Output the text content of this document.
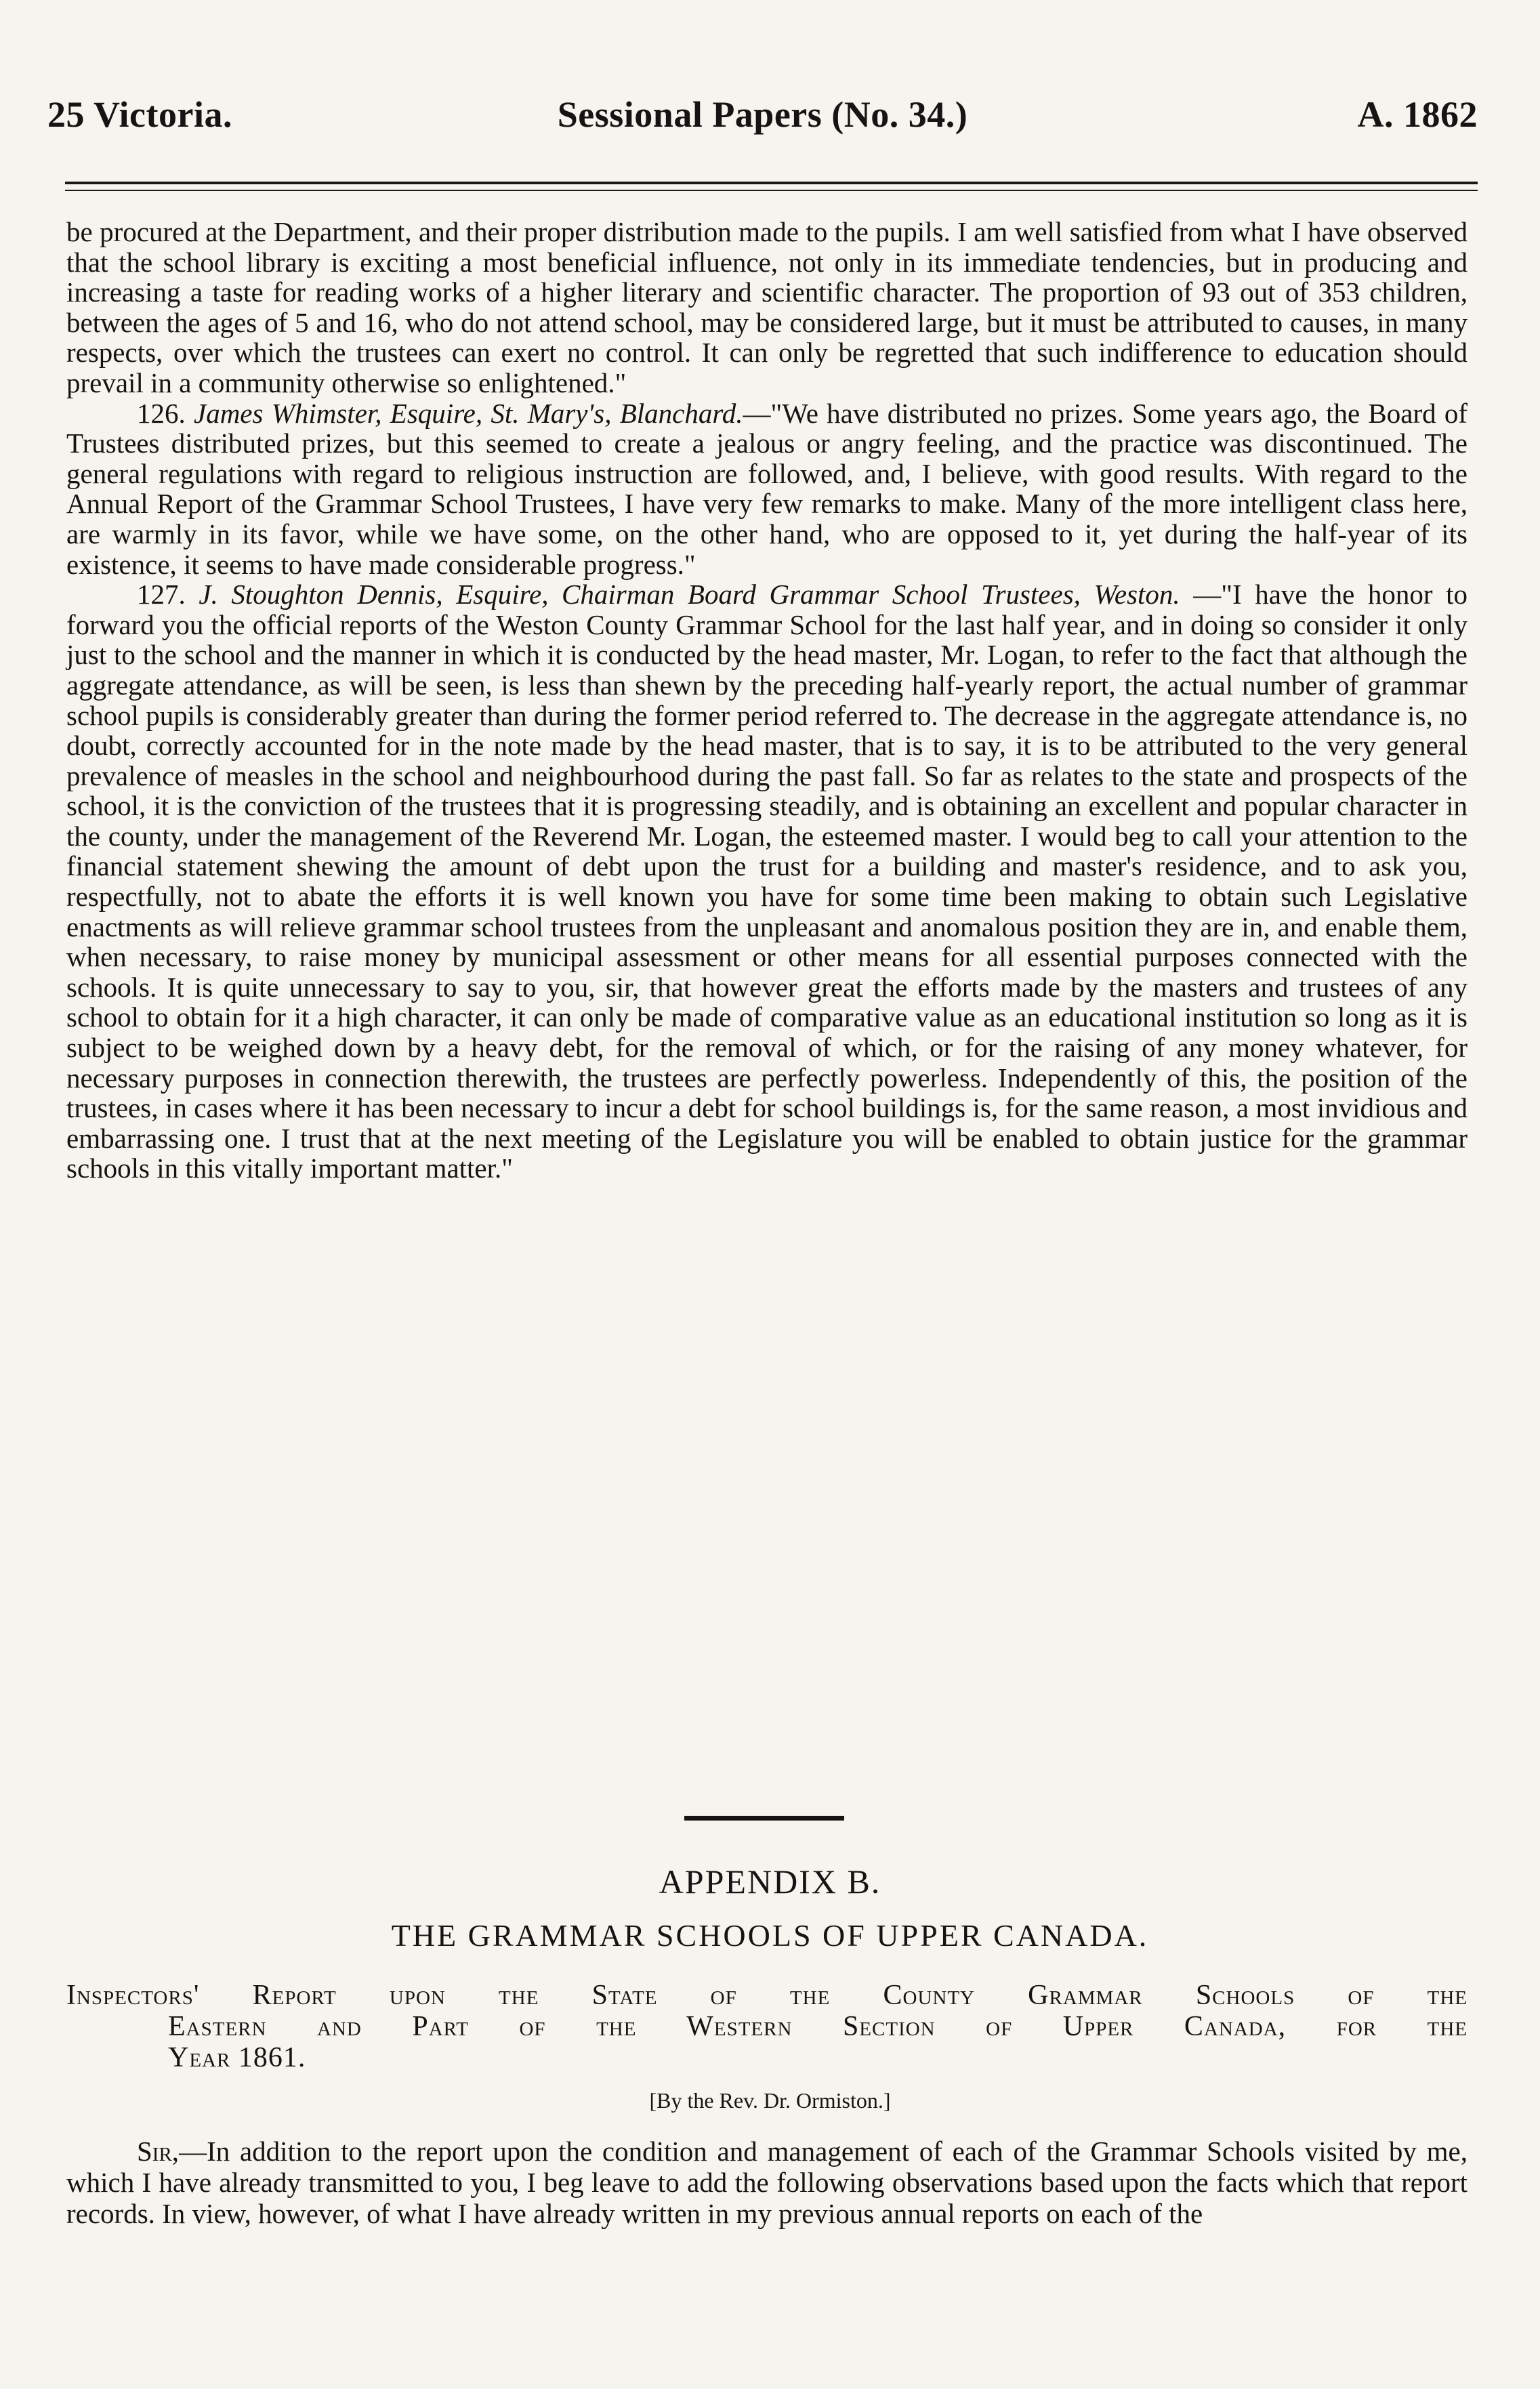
25 Victoria.	Sessional Papers (No. 34.)	A. 1862

be procured at the Department, and their proper distribution made to the pupils. I am well satisfied from what I have observed that the school library is exciting a most beneficial influence, not only in its immediate tendencies, but in producing and increasing a taste for reading works of a higher literary and scientific character. The proportion of 93 out of 353 children, between the ages of 5 and 16, who do not attend school, may be considered large, but it must be attributed to causes, in many respects, over which the trustees can exert no control. It can only be regretted that such indifference to education should prevail in a community otherwise so enlightened."

126. James Whimster, Esquire, St. Mary's, Blanchard.—"We have distributed no prizes. Some years ago, the Board of Trustees distributed prizes, but this seemed to create a jealous or angry feeling, and the practice was discontinued. The general regulations with regard to religious instruction are followed, and, I believe, with good results. With regard to the Annual Report of the Grammar School Trustees, I have very few remarks to make. Many of the more intelligent class here, are warmly in its favor, while we have some, on the other hand, who are opposed to it, yet during the half-year of its existence, it seems to have made considerable progress."

127. J. Stoughton Dennis, Esquire, Chairman Board Grammar School Trustees, Weston. —"I have the honor to forward you the official reports of the Weston County Grammar School for the last half year, and in doing so consider it only just to the school and the manner in which it is conducted by the head master, Mr. Logan, to refer to the fact that although the aggregate attendance, as will be seen, is less than shewn by the preceding half-yearly report, the actual number of grammar school pupils is considerably greater than during the former period referred to. The decrease in the aggregate attendance is, no doubt, correctly accounted for in the note made by the head master, that is to say, it is to be attributed to the very general prevalence of measles in the school and neighbourhood during the past fall. So far as relates to the state and prospects of the school, it is the conviction of the trustees that it is progressing steadily, and is obtaining an excellent and popular character in the county, under the management of the Reverend Mr. Logan, the esteemed master. I would beg to call your attention to the financial statement shewing the amount of debt upon the trust for a building and master's residence, and to ask you, respectfully, not to abate the efforts it is well known you have for some time been making to obtain such Legislative enactments as will relieve grammar school trustees from the unpleasant and anomalous position they are in, and enable them, when necessary, to raise money by municipal assessment or other means for all essential purposes connected with the schools. It is quite unnecessary to say to you, sir, that however great the efforts made by the masters and trustees of any school to obtain for it a high character, it can only be made of comparative value as an educational institution so long as it is subject to be weighed down by a heavy debt, for the removal of which, or for the raising of any money whatever, for necessary purposes in connection therewith, the trustees are perfectly powerless. Independently of this, the position of the trustees, in cases where it has been necessary to incur a debt for school buildings is, for the same reason, a most invidious and embarrassing one. I trust that at the next meeting of the Legislature you will be enabled to obtain justice for the grammar schools in this vitally important matter."

APPENDIX B.
THE GRAMMAR SCHOOLS OF UPPER CANADA.
Inspectors' Report upon the State of the County Grammar Schools of the
Eastern and Part of the Western Section of Upper Canada, for the
Year 1861.
[By the Rev. Dr. Ormiston.]

Sir,—In addition to the report upon the condition and management of each of the Grammar Schools visited by me, which I have already transmitted to you, I beg leave to add the following observations based upon the facts which that report records. In view, however, of what I have already written in my previous annual reports on each of the
